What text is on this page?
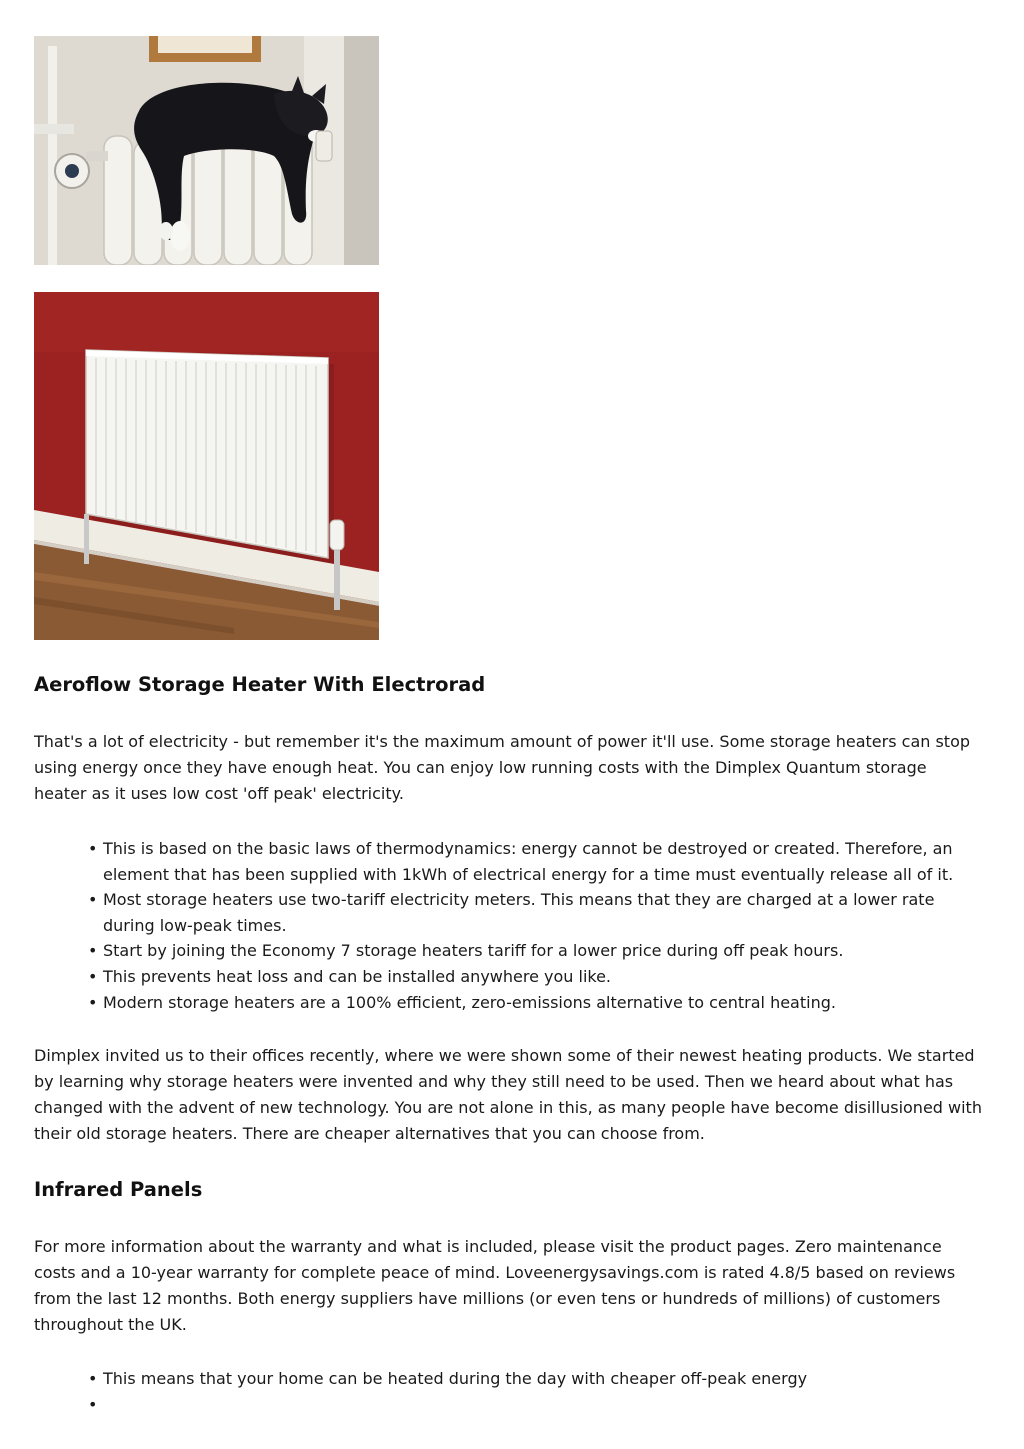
Aeroflow Storage Heater With Electrorad

That's a lot of electricity - but remember it's the maximum amount of power it'll use. Some storage heaters can stop using energy once they have enough heat. You can enjoy low running costs with the Dimplex Quantum storage heater as it uses low cost 'off peak' electricity.

• This is based on the basic laws of thermodynamics: energy cannot be destroyed or created. Therefore, an element that has been supplied with 1kWh of electrical energy for a time must eventually release all of it.
• Most storage heaters use two-tariff electricity meters. This means that they are charged at a lower rate during low-peak times.
• Start by joining the Economy 7 storage heaters tariff for a lower price during off peak hours.
• This prevents heat loss and can be installed anywhere you like.
• Modern storage heaters are a 100% efficient, zero-emissions alternative to central heating.

Dimplex invited us to their offices recently, where we were shown some of their newest heating products. We started by learning why storage heaters were invented and why they still need to be used. Then we heard about what has changed with the advent of new technology. You are not alone in this, as many people have become disillusioned with their old storage heaters. There are cheaper alternatives that you can choose from.

Infrared Panels

For more information about the warranty and what is included, please visit the product pages. Zero maintenance costs and a 10-year warranty for complete peace of mind. Loveenergysavings.com is rated 4.8/5 based on reviews from the last 12 months. Both energy suppliers have millions (or even tens or hundreds of millions) of customers throughout the UK.

• This means that your home can be heated during the day with cheaper off-peak energy
•
